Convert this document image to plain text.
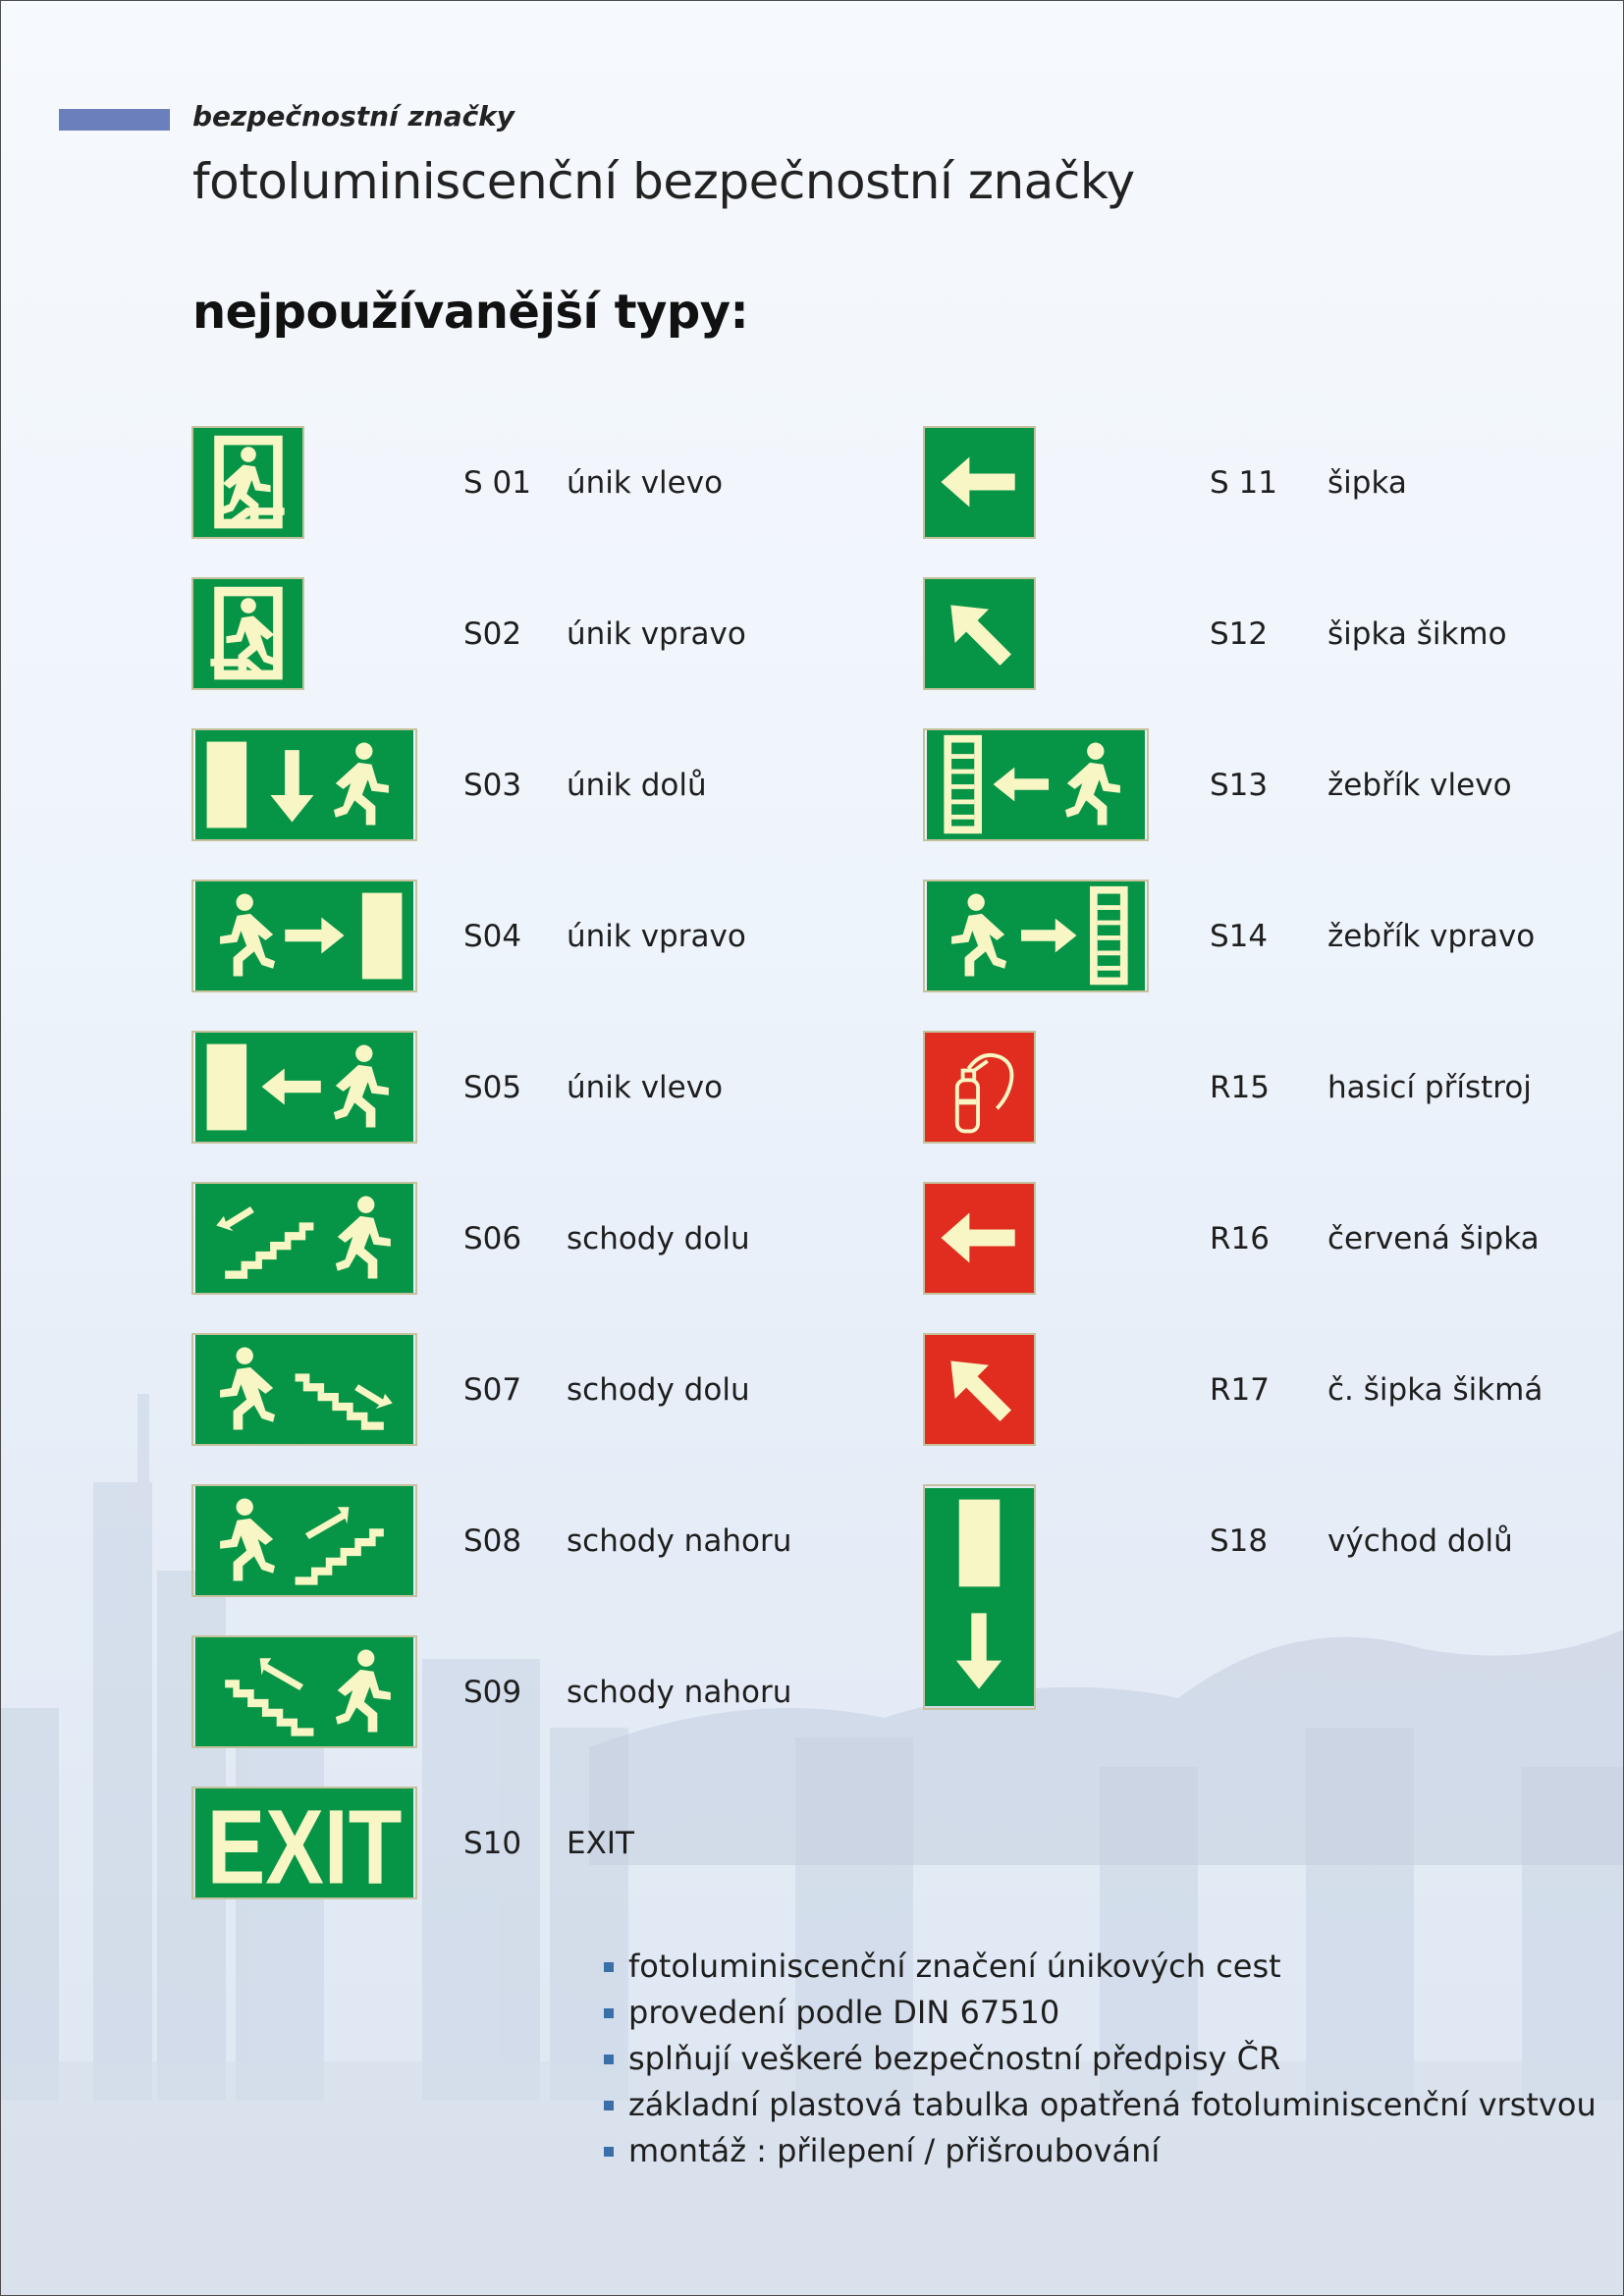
bezpečnostní značky
fotoluminiscenční bezpečnostní značky
nejpoužívanější typy:
S 01 únik vlevo
S02 únik vpravo
S03 únik dolů
S04 únik vpravo
S05 únik vlevo
S06 schody dolu
S07 schody dolu
S08 schody nahoru
S09 schody nahoru
EXIT S10 EXIT
S 11 šipka
S12 šipka šikmo
S13 žebřík vlevo
S14 žebřík vpravo
R15 hasicí přístroj
R16 červená šipka
R17 č. šipka šikmá
S18 východ dolů
fotoluminiscenční značení únikových cest
provedení podle DIN 67510
splňují veškeré bezpečnostní předpisy ČR
základní plastová tabulka opatřená fotoluminiscenční vrstvou
montáž : přilepení / přišroubování
